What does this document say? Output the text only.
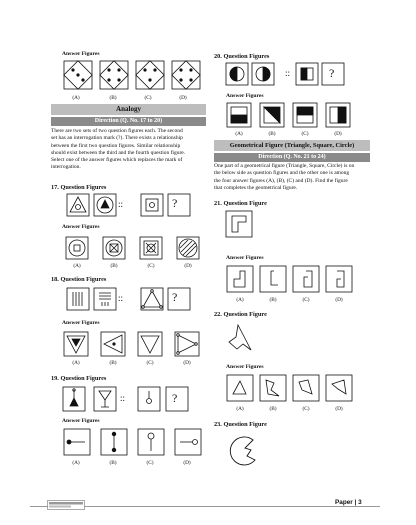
Answer Figures
(A)	(B)	(C)	(D)
Analogy
Direction (Q. No. 17 to 20)
There are two sets of two question figures each. The second
set has an interrogation mark (?). There exists a relationship
between the first two question figures. Similar relationship
should exist between the third and the fourth question figure.
Select one of the answer figures which replaces the mark of
interrogation.
17. Question Figures
::	?
Answer Figures
(A)	(B)	(C)	(D)
18. Question Figures
::	?
Answer Figures
(A)	(B)	(C)	(D)
19. Question Figures
::	?
Answer Figures
(A)	(B)	(C)	(D)
20. Question Figures
::	?
Answer Figures
(A)	(B)	(C)	(D)
Geometrical Figure (Triangle, Square, Circle)
Direction (Q. No. 21 to 24)
One part of a geometrical figure (Triangle, Square, Circle) is on
the below side as question figures and the other one is among
the four answer figures (A), (B), (C) and (D). Find the figure
that completes the geometrical figure.
21. Question Figure
Answer Figures
(A)	(B)	(C)	(D)
22. Question Figure
Answer Figures
(A)	(B)	(C)	(D)
23. Question Figure
Paper | 3
